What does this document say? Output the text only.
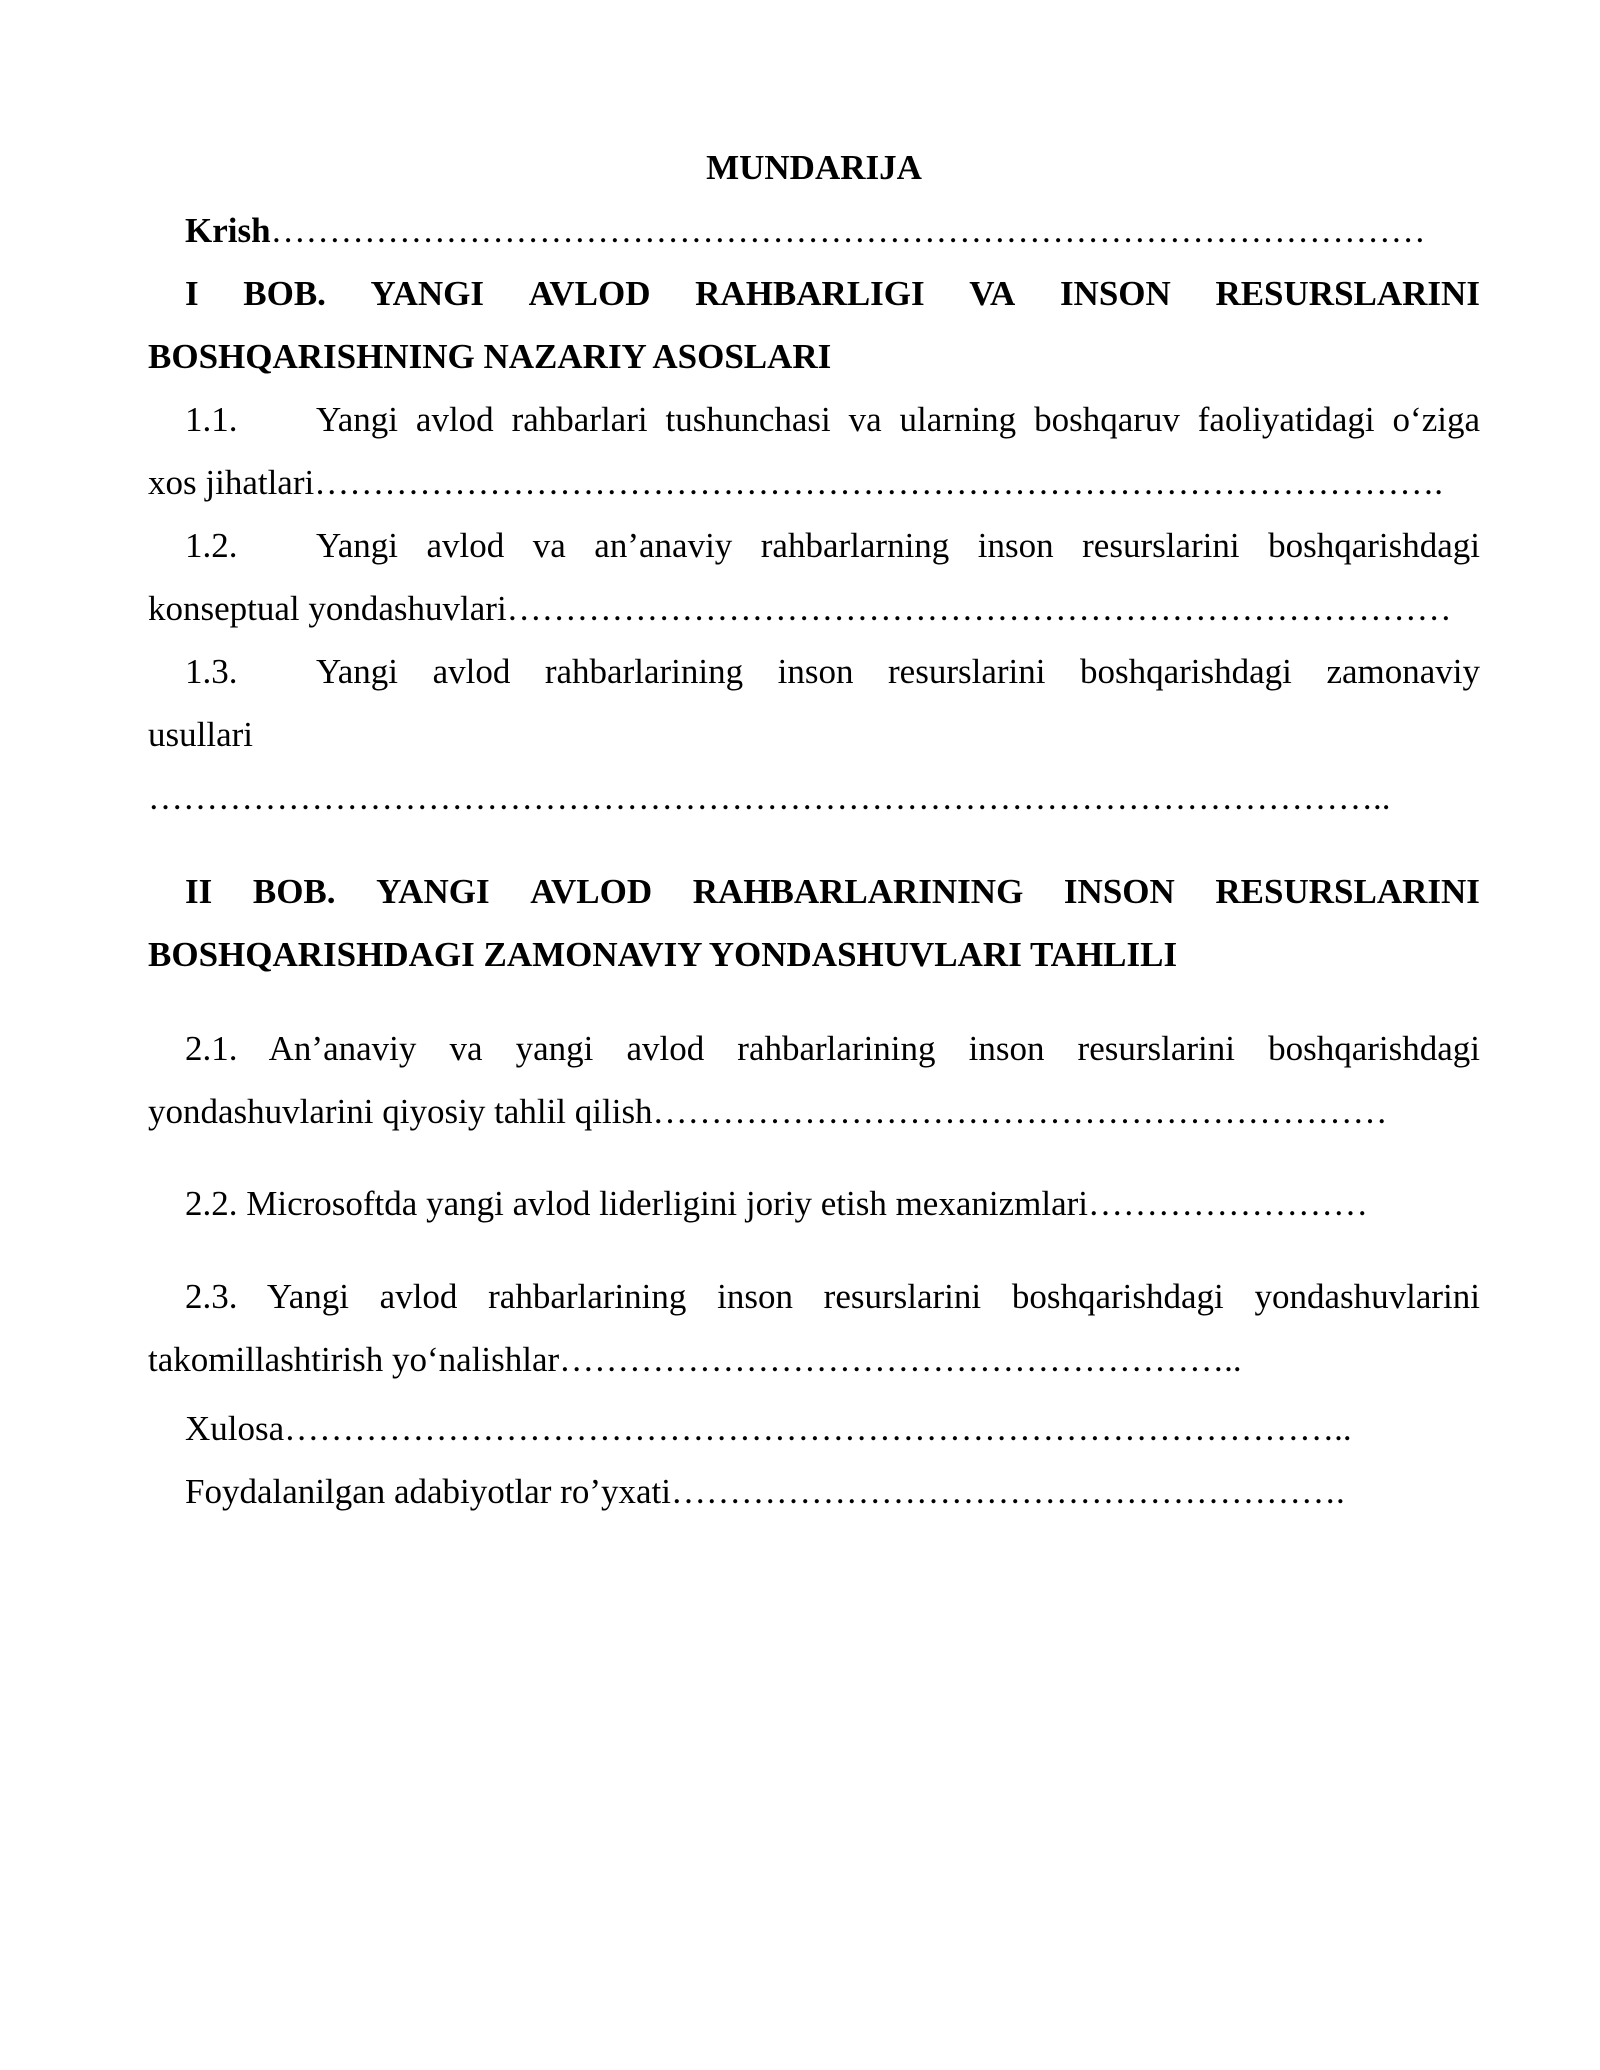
MUNDARIJA
Krish………………………………………………………………………………………
I BOB. YANGI AVLOD RAHBARLIGI VA INSON RESURSLARINI
BOSHQARISHNING NAZARIY ASOSLARI
1.1.	Yangi avlod rahbarlari tushunchasi va ularning boshqaruv faoliyatidagi o‘ziga
xos jihatlari…………………………………………………………………………………….
1.2.	Yangi avlod va an’anaviy rahbarlarning inson resurslarini boshqarishdagi
konseptual yondashuvlari………………………………………………………………………
1.3.	Yangi avlod rahbarlarining inson resurslarini boshqarishdagi zamonaviy
usullari
……………………………………………………………………………………………..
II BOB. YANGI AVLOD RAHBARLARINING INSON RESURSLARINI
BOSHQARISHDAGI ZAMONAVIY YONDASHUVLARI TAHLILI
2.1. An’anaviy va yangi avlod rahbarlarining inson resurslarini boshqarishdagi
yondashuvlarini qiyosiy tahlil qilish………………………………………………………
2.2. Microsoftda yangi avlod liderligini joriy etish mexanizmlari……………………
2.3. Yangi avlod rahbarlarining inson resurslarini boshqarishdagi yondashuvlarini
takomillashtirish yo‘nalishlar…………………………………………………..
Xulosa………………………………………………………………………………..
Foydalanilgan adabiyotlar ro’yxati………………………………………………….
